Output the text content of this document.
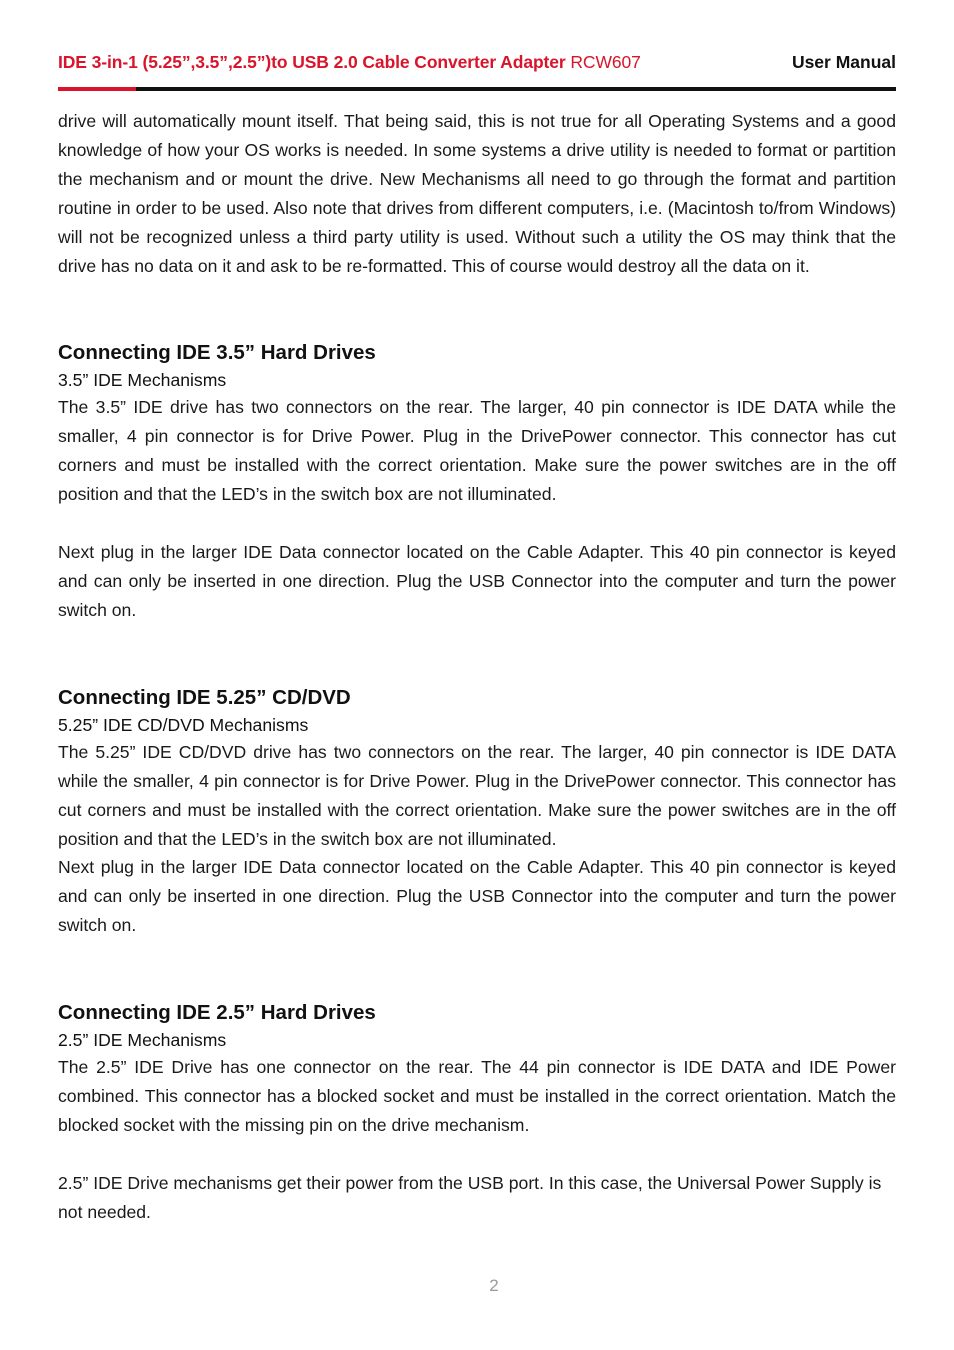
IDE 3-in-1 (5.25”,3.5”,2.5”)to USB 2.0 Cable Converter Adapter RCW607	User Manual

drive will automatically mount itself. That being said, this is not true for all Operating Systems and a good knowledge of how your OS works is needed. In some systems a drive utility is needed to format or partition the mechanism and or mount the drive. New Mechanisms all need to go through the format and partition routine in order to be used. Also note that drives from different computers, i.e. (Macintosh to/from Windows) will not be recognized unless a third party utility is used. Without such a utility the OS may think that the drive has no data on it and ask to be re-formatted. This of course would destroy all the data on it.

Connecting IDE 3.5” Hard Drives
3.5” IDE Mechanisms

The 3.5” IDE drive has two connectors on the rear. The larger, 40 pin connector is IDE DATA while the smaller, 4 pin connector is for Drive Power. Plug in the DrivePower connector. This connector has cut corners and must be installed with the correct orientation. Make sure the power switches are in the off position and that the LED’s in the switch box are not illuminated.

Next plug in the larger IDE Data connector located on the Cable Adapter. This 40 pin connector is keyed and can only be inserted in one direction. Plug the USB Connector into the computer and turn the power switch on.

Connecting IDE 5.25” CD/DVD
5.25” IDE CD/DVD Mechanisms

The 5.25” IDE CD/DVD drive has two connectors on the rear. The larger, 40 pin connector is IDE DATA while the smaller, 4 pin connector is for Drive Power. Plug in the DrivePower connector. This connector has cut corners and must be installed with the correct orientation. Make sure the power switches are in the off position and that the LED’s in the switch box are not illuminated.

Next plug in the larger IDE Data connector located on the Cable Adapter. This 40 pin connector is keyed and can only be inserted in one direction. Plug the USB Connector into the computer and turn the power switch on.

Connecting IDE 2.5” Hard Drives
2.5” IDE Mechanisms

The 2.5” IDE Drive has one connector on the rear. The 44 pin connector is IDE DATA and IDE Power combined. This connector has a blocked socket and must be installed in the correct orientation. Match the blocked socket with the missing pin on the drive mechanism.

2.5” IDE Drive mechanisms get their power from the USB port. In this case, the Universal Power Supply is not needed.

2
